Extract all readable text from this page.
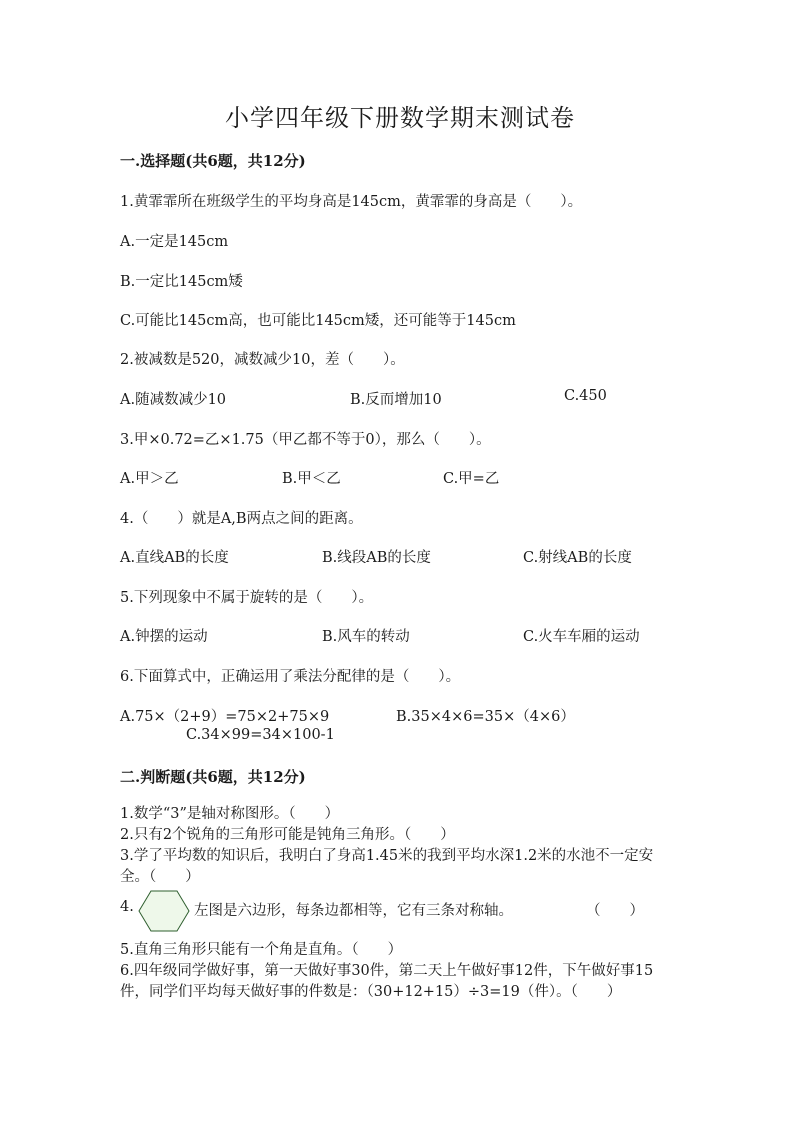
小学四年级下册数学期末测试卷
一.选择题(共6题，共12分)
1.黄霏霏所在班级学生的平均身高是145cm，黄霏霏的身高是（　　）。
A.一定是145cm
B.一定比145cm矮
C.可能比145cm高，也可能比145cm矮，还可能等于145cm
2.被减数是520，减数减少10，差（　　）。
A.随减数减少10	B.反而增加10	C.450
3.甲×0.72=乙×1.75（甲乙都不等于0），那么（　　）。
A.甲＞乙	B.甲＜乙	C.甲=乙
4.（　　）就是A,B两点之间的距离。
A.直线AB的长度	B.线段AB的长度	C.射线AB的长度
5.下列现象中不属于旋转的是（　　）。
A.钟摆的运动	B.风车的转动	C.火车车厢的运动
6.下面算式中，正确运用了乘法分配律的是（　　）。
A.75×（2+9）=75×2+75×9	B.35×4×6=35×（4×6）
C.34×99=34×100-1
二.判断题(共6题，共12分)
1.数学“3”是轴对称图形。（　　）
2.只有2个锐角的三角形可能是钝角三角形。（　　）
3.学了平均数的知识后，我明白了身高1.45米的我到平均水深1.2米的水池不一定安全。（　　）
4.	左图是六边形，每条边都相等，它有三条对称轴。	（　　）
5.直角三角形只能有一个角是直角。（　　）
6.四年级同学做好事，第一天做好事30件，第二天上午做好事12件，下午做好事15件，同学们平均每天做好事的件数是：（30+12+15）÷3=19（件）。（　　）
